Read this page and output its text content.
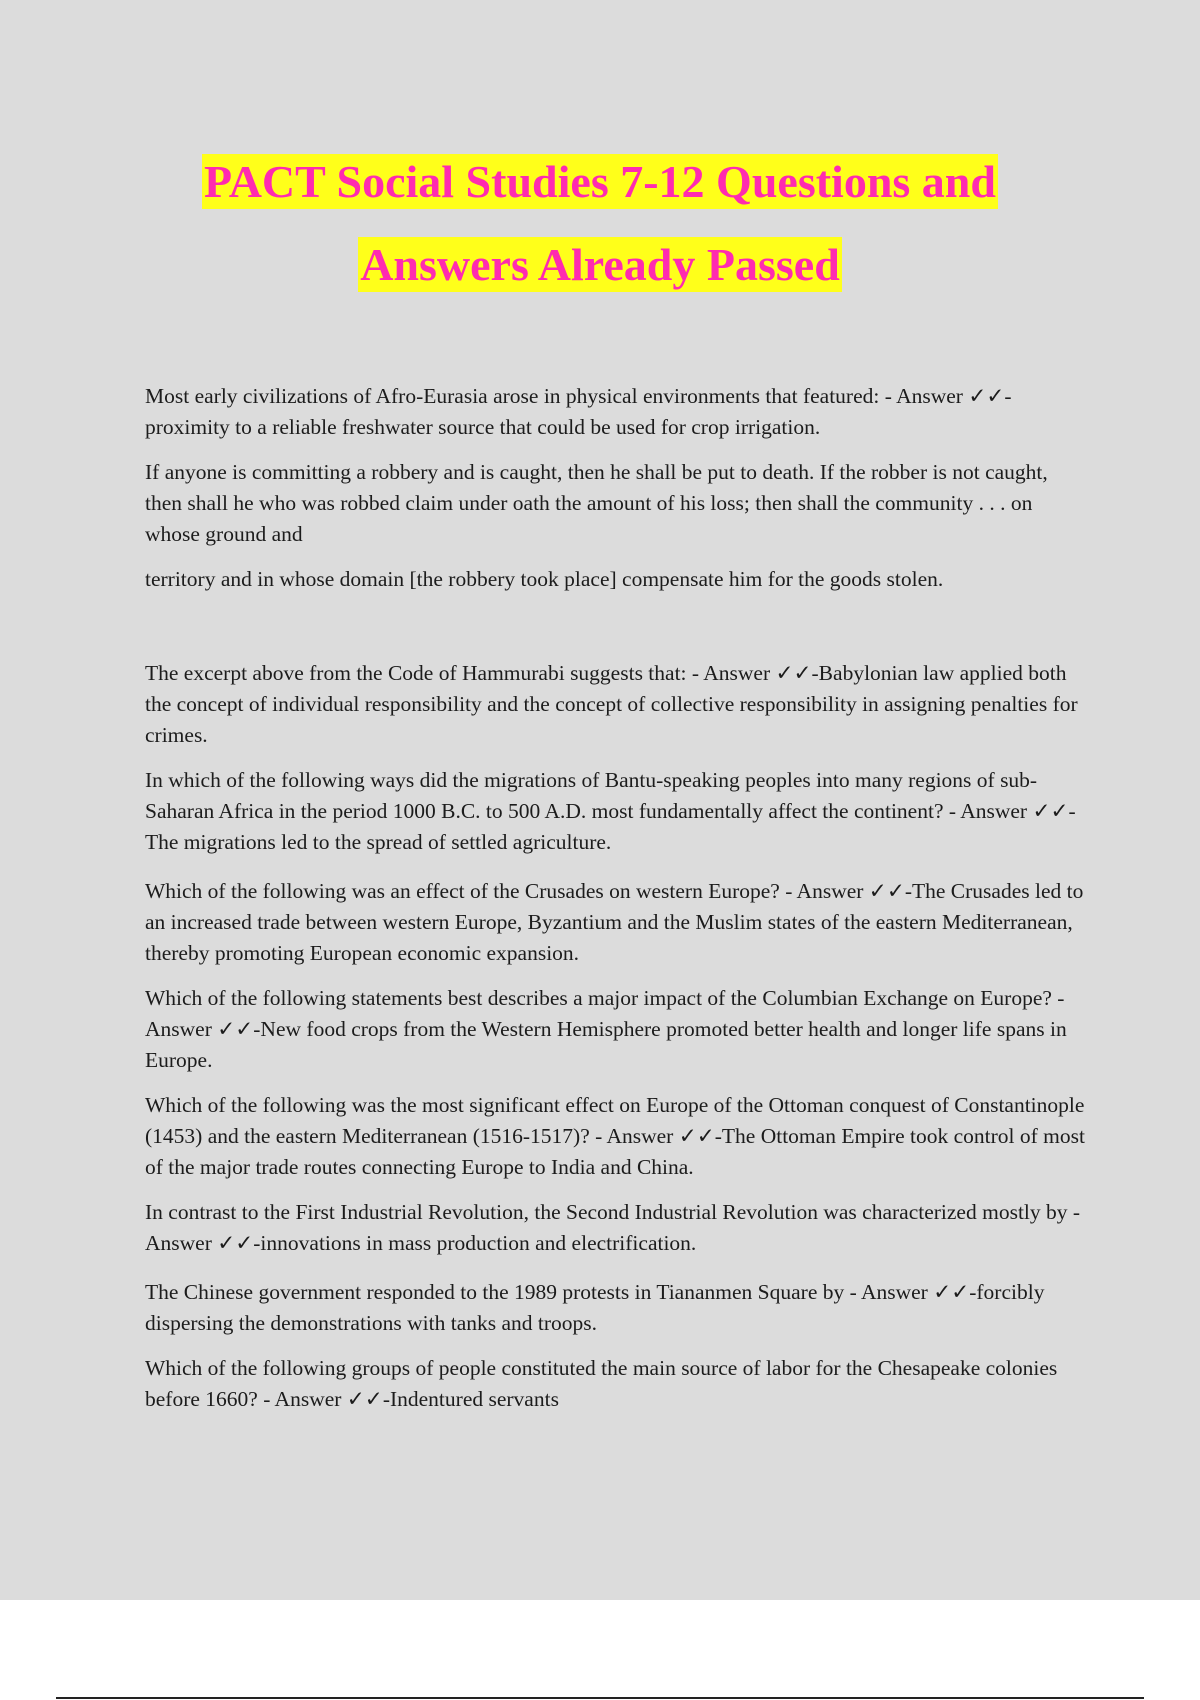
PACT Social Studies 7-12 Questions and
Answers Already Passed

Most early civilizations of Afro-Eurasia arose in physical environments that featured: - Answer ✓✓-proximity to a reliable freshwater source that could be used for crop irrigation.

If anyone is committing a robbery and is caught, then he shall be put to death. If the robber is not caught, then shall he who was robbed claim under oath the amount of his loss; then shall the community . . . on whose ground and

territory and in whose domain [the robbery took place] compensate him for the goods stolen.

The excerpt above from the Code of Hammurabi suggests that: - Answer ✓✓-Babylonian law applied both the concept of individual responsibility and the concept of collective responsibility in assigning penalties for crimes.

In which of the following ways did the migrations of Bantu-speaking peoples into many regions of sub-Saharan Africa in the period 1000 B.C. to 500 A.D. most fundamentally affect the continent? - Answer ✓✓-The migrations led to the spread of settled agriculture.

Which of the following was an effect of the Crusades on western Europe? - Answer ✓✓-The Crusades led to an increased trade between western Europe, Byzantium and the Muslim states of the eastern Mediterranean, thereby promoting European economic expansion.

Which of the following statements best describes a major impact of the Columbian Exchange on Europe? - Answer ✓✓-New food crops from the Western Hemisphere promoted better health and longer life spans in Europe.

Which of the following was the most significant effect on Europe of the Ottoman conquest of Constantinople (1453) and the eastern Mediterranean (1516-1517)? - Answer ✓✓-The Ottoman Empire took control of most of the major trade routes connecting Europe to India and China.

In contrast to the First Industrial Revolution, the Second Industrial Revolution was characterized mostly by - Answer ✓✓-innovations in mass production and electrification.

The Chinese government responded to the 1989 protests in Tiananmen Square by - Answer ✓✓-forcibly dispersing the demonstrations with tanks and troops.

Which of the following groups of people constituted the main source of labor for the Chesapeake colonies before 1660? - Answer ✓✓-Indentured servants
